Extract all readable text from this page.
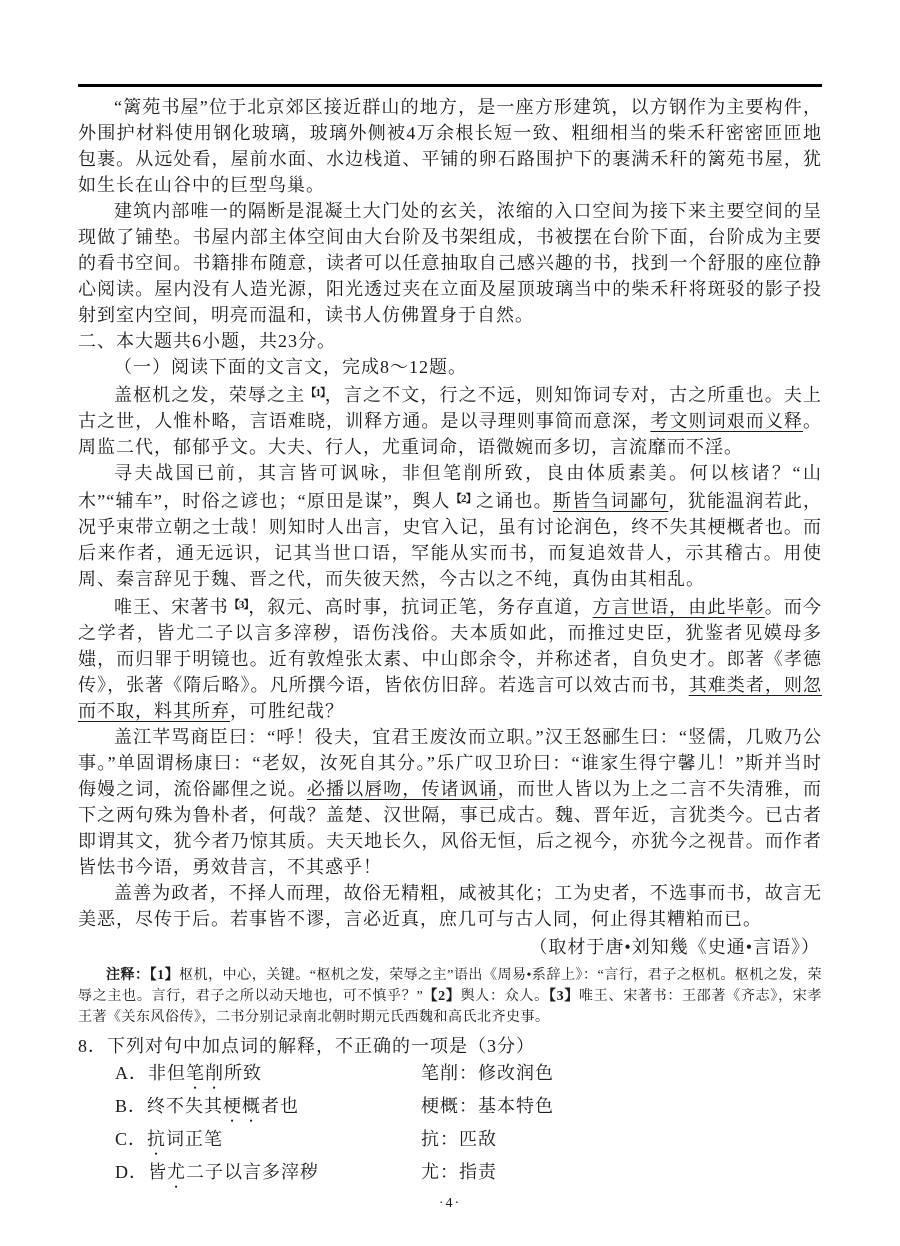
“篱苑书屋”位于北京郊区接近群山的地方，是一座方形建筑，以方钢作为主要构件，外围护材料使用钢化玻璃，玻璃外侧被4万余根长短一致、粗细相当的柴禾秆密密匝匝地包裹。从远处看，屋前水面、水边栈道、平铺的卵石路围护下的裹满禾秆的篱苑书屋，犹如生长在山谷中的巨型鸟巢。

建筑内部唯一的隔断是混凝土大门处的玄关，浓缩的入口空间为接下来主要空间的呈现做了铺垫。书屋内部主体空间由大台阶及书架组成，书被摆在台阶下面，台阶成为主要的看书空间。书籍排布随意，读者可以任意抽取自己感兴趣的书，找到一个舒服的座位静心阅读。屋内没有人造光源，阳光透过夹在立面及屋顶玻璃当中的柴禾秆将斑驳的影子投射到室内空间，明亮而温和，读书人仿佛置身于自然。

二、本大题共6小题，共23分。

（一）阅读下面的文言文，完成8～12题。

盖枢机之发，荣辱之主$^{【1】}$，言之不文，行之不远，则知饰词专对，古之所重也。夫上古之世，人惟朴略，言语难晓，训释方通。是以寻理则事简而意深，考文则词艰而义释。周监二代，郁郁乎文。大夫、行人，尤重词命，语微婉而多切，言流靡而不淫。

寻夫战国已前，其言皆可讽咏，非但笔削所致，良由体质素美。何以核诸？“山木”“辅车”，时俗之谚也；“原田是谋”，舆人$^{【2】}$之诵也。斯皆刍词鄙句，犹能温润若此，况乎束带立朝之士哉！则知时人出言，史官入记，虽有讨论润色，终不失其梗概者也。而后来作者，通无远识，记其当世口语，罕能从实而书，而复追效昔人，示其稽古。用使周、秦言辞见于魏、晋之代，而失彼天然，今古以之不纯，真伪由其相乱。

唯王、宋著书$^{【3】}$，叙元、高时事，抗词正笔，务存直道，方言世语，由此毕彰。而今之学者，皆尤二子以言多滓秽，语伤浅俗。夫本质如此，而推过史臣，犹鉴者见嫫母多媸，而归罪于明镜也。近有敦煌张太素、中山郎余令，并称述者，自负史才。郎著《孝德传》，张著《隋后略》。凡所撰今语，皆依仿旧辞。若选言可以效古而书，其难类者，则忽而不取，料其所弃，可胜纪哉？

盖江芊骂商臣曰：“呼！役夫，宜君王废汝而立职。”汉王怒郦生曰：“竖儒，几败乃公事。”单固谓杨康曰：“老奴，汝死自其分。”乐广叹卫玠曰：“谁家生得宁馨儿！”斯并当时侮嫚之词，流俗鄙俚之说。必播以唇吻，传诸讽诵，而世人皆以为上之二言不失清雅，而下之两句殊为鲁朴者，何哉？盖楚、汉世隔，事已成古。魏、晋年近，言犹类今。已古者即谓其文，犹今者乃惊其质。夫天地长久，风俗无恒，后之视今，亦犹今之视昔。而作者皆怯书今语，勇效昔言，不其惑乎！

盖善为政者，不择人而理，故俗无精粗，咸被其化；工为史者，不选事而书，故言无美恶，尽传于后。若事皆不谬，言必近真，庶几可与古人同，何止得其糟粕而已。

（取材于唐•刘知幾《史通•言语》）

注释：【1】枢机，中心，关键。“枢机之发，荣辱之主”语出《周易•系辞上》：“言行，君子之枢机。枢机之发，荣辱之主也。言行，君子之所以动天地也，可不慎乎？”【2】舆人：众人。【3】唯王、宋著书：王邵著《齐志》，宋孝王著《关东风俗传》，二书分别记录南北朝时期元氏西魏和高氏北齐史事。

8．下列对句中加点词的解释，不正确的一项是（3分）

A．非但笔削所致	笔削：修改润色
B．终不失其梗概者也	梗概：基本特色
C．抗词正笔	抗：匹敌
D．皆尤二子以言多滓秽	尤：指责
·4·
